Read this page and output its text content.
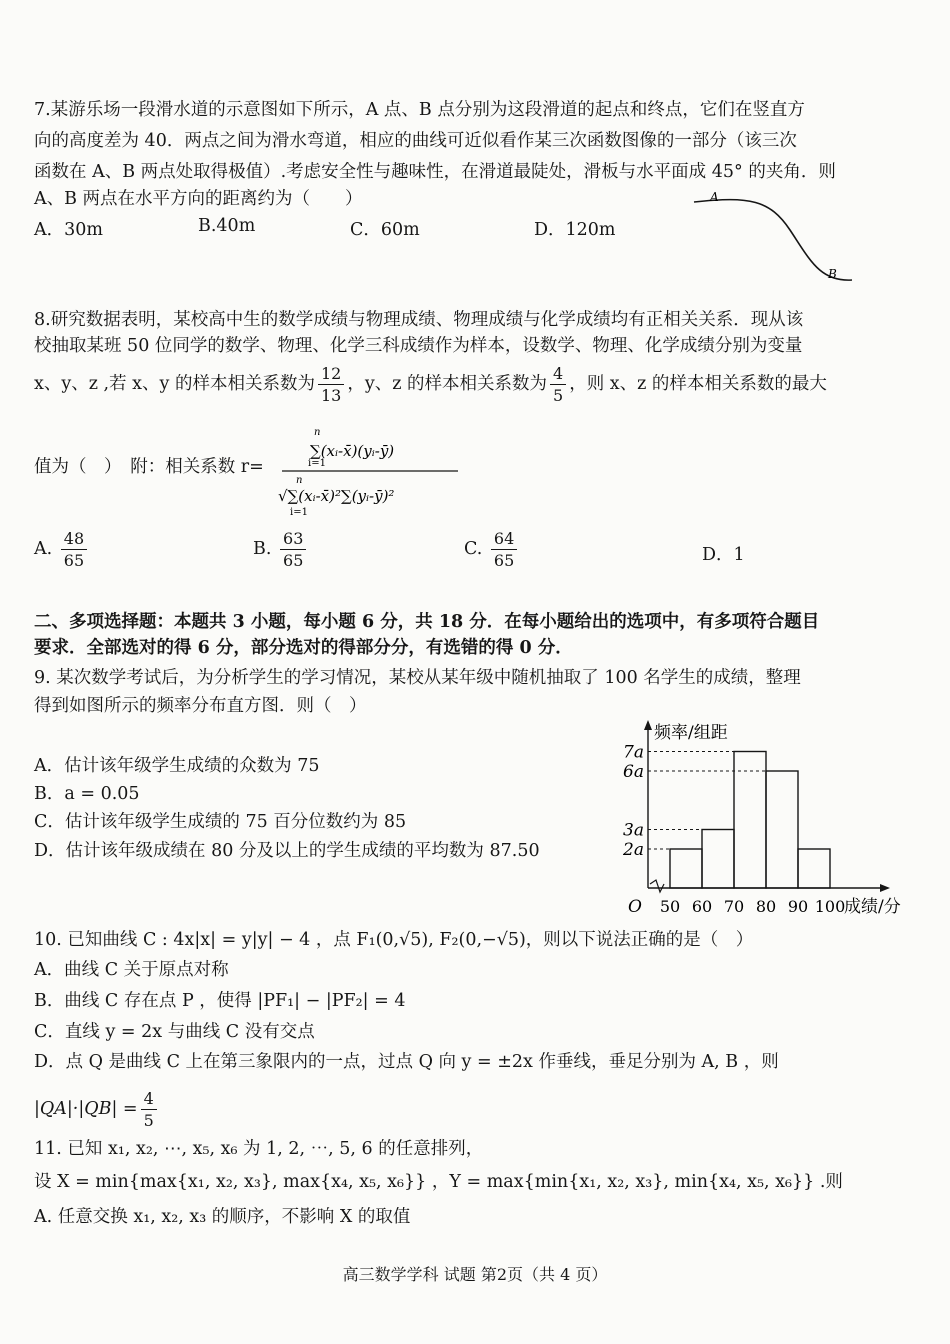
7.某游乐场一段滑水道的示意图如下所示，A 点、B 点分别为这段滑道的起点和终点，它们在竖直方
向的高度差为 40．两点之间为滑水弯道，相应的曲线可近似看作某三次函数图像的一部分（该三次
函数在 A、B 两点处取得极值）.考虑安全性与趣味性，在滑道最陡处，滑板与水平面成 45° 的夹角．则
A、B 两点在水平方向的距离约为（　　）
A．30m	B.40m	C．60m	D．120m
A
B
8.研究数据表明，某校高中生的数学成绩与物理成绩、物理成绩与化学成绩均有正相关关系．现从该
校抽取某班 50 位同学的数学、物理、化学三科成绩作为样本，设数学、物理、化学成绩分别为变量
x、y、z ,若 x、y 的样本相关系数为 $\frac{12}{13}$ ，y、z 的样本相关系数为 $\frac{4}{5}$ ，则 x、z 的样本相关系数的最大
值为（　）　附：相关系数 r=
n
i=1
∑(xᵢ-x̄)(yᵢ-ȳ)
√∑(xᵢ-x̄)²∑(yᵢ-ȳ)²
n
i=1
A. $\frac{48}{65}$	B. $\frac{63}{65}$	C. $\frac{64}{65}$	D．1
二、多项选择题：本题共 3 小题，每小题 6 分，共 18 分．在每小题给出的选项中，有多项符合题目
要求．全部选对的得 6 分，部分选对的得部分分，有选错的得 0 分．
9. 某次数学考试后，为分析学生的学习情况，某校从某年级中随机抽取了 100 名学生的成绩，整理
得到如图所示的频率分布直方图．则（　）
A．估计该年级学生成绩的众数为 75
B．a = 0.05
C．估计该年级学生成绩的 75 百分位数约为 85
D．估计该年级成绩在 80 分及以上的学生成绩的平均数为 87.50
频率/组距
成绩/分
O 50 60 70 80 90 100
2a
3a
6a
7a
10. 已知曲线 C : 4x|x| = y|y| − 4 ，点 F₁(0,√5), F₂(0,−√5)，则以下说法正确的是（　）
A．曲线 C 关于原点对称
B．曲线 C 存在点 P ，使得 |PF₁| − |PF₂| = 4
C．直线 y = 2x 与曲线 C 没有交点
D．点 Q 是曲线 C 上在第三象限内的一点，过点 Q 向 y = ±2x 作垂线，垂足分别为 A, B ，则
$|QA|\cdot|QB| = \frac{4}{5}$
11. 已知 x₁, x₂, ⋯, x₅, x₆ 为 1, 2, ⋯, 5, 6 的任意排列，
设 X = min{max{x₁, x₂, x₃}, max{x₄, x₅, x₆}} ，Y = max{min{x₁, x₂, x₃}, min{x₄, x₅, x₆}} .则
A. 任意交换 x₁, x₂, x₃ 的顺序，不影响 X 的取值
高三数学学科 试题 第2页（共 4 页）
